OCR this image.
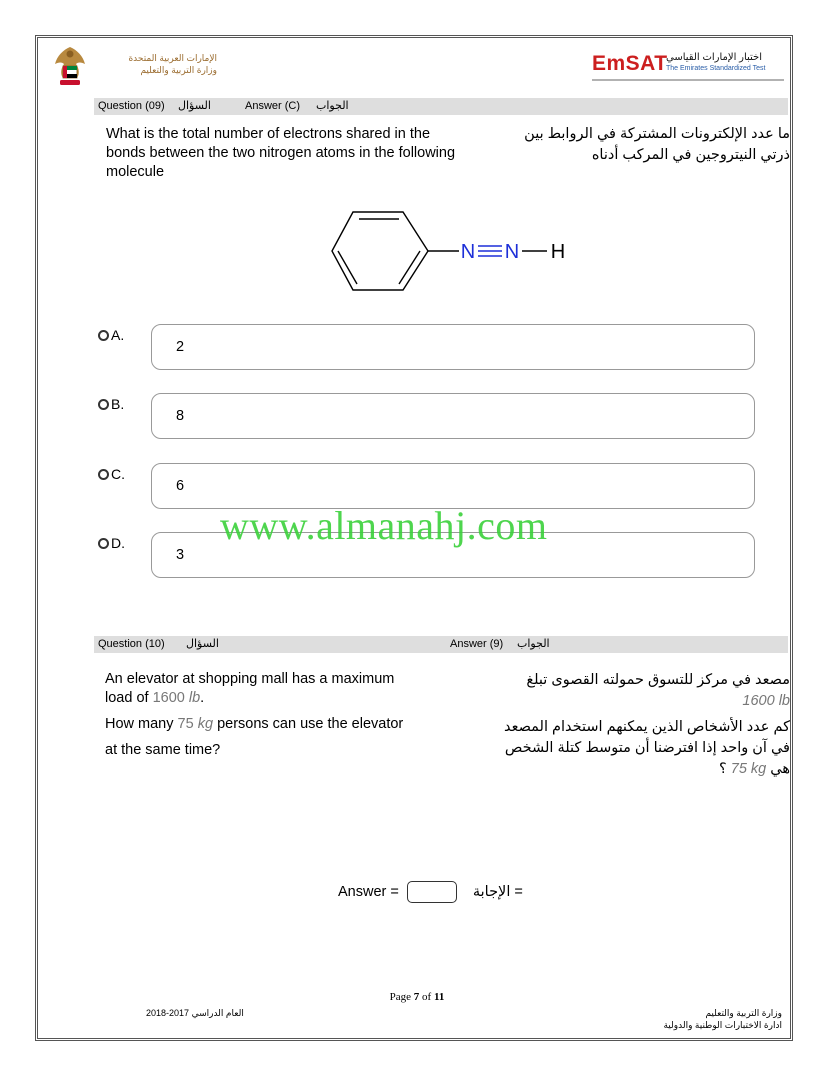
الإمارات العربية المتحدة
وزارة التربية والتعليم	EmSAT
اختبار الإمارات القياسي
The Emirates Standardized Test
Question (09) السؤال	Answer (C) الجواب
What is the total number of electrons shared in the bonds between the two nitrogen atoms in the following molecule
ما عدد الإلكترونات المشتركة في الروابط بين
ذرتي النيتروجين في المركب أدناه
N N H
A.
2
B.
8
C.
6
D.
3
www.almanahj.com
Question (10) السؤال	Answer (9) الجواب
An elevator at shopping mall has a maximum
load of 1600 lb.
How many 75 kg persons can use the elevator
at the same time?
مصعد في مركز للتسوق حمولته القصوى تبلغ
1600 lb
كم عدد الأشخاص الذين يمكنهم استخدام المصعد
في آن واحد إذا افترضنا أن متوسط كتلة الشخص
هي 75 kg ؟
Answer =	= الإجابة
Page 7 of 11
العام الدراسي 2017-2018	وزارة التربية والتعليم
ادارة الاختبارات الوطنية والدولية
